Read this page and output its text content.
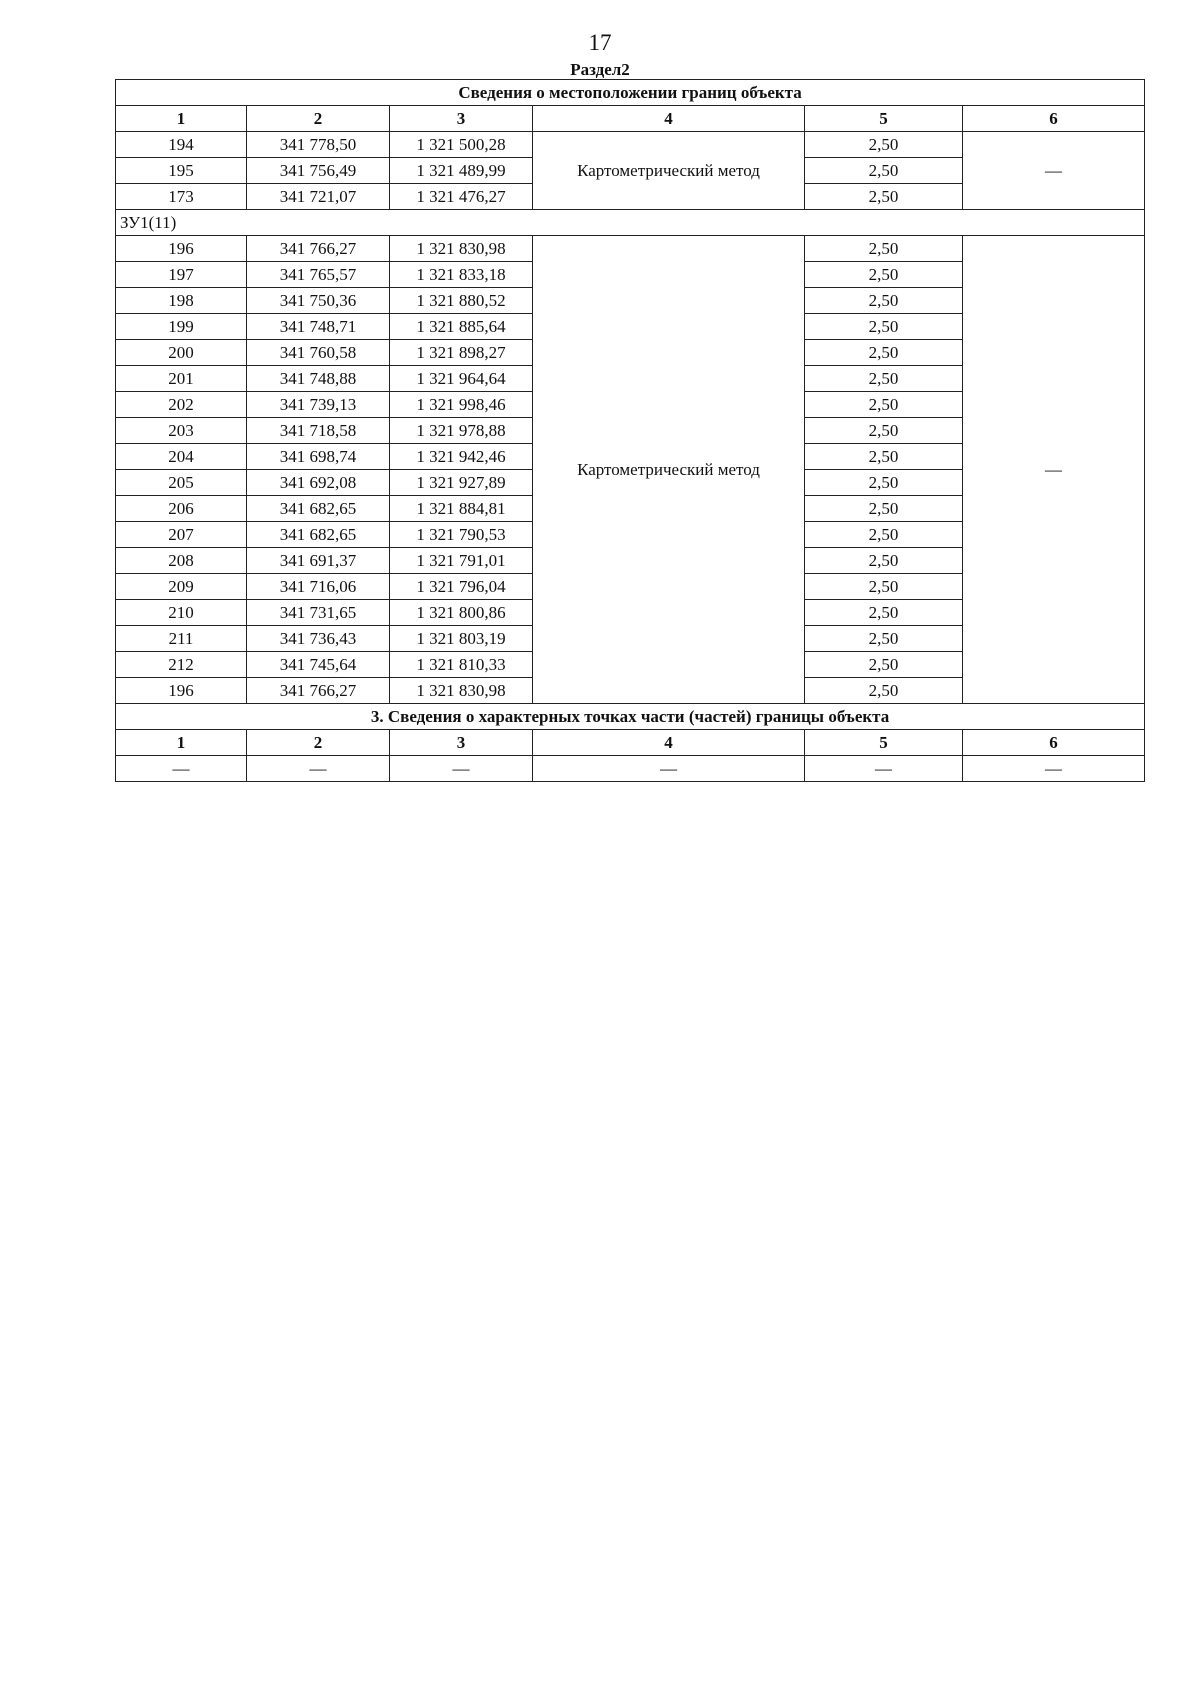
17
Раздел2
Сведения о местоположении границ объекта					
1	2	3	4	5	6
194	341 778,50	1 321 500,28	Картометрический метод	2,50	—
195	341 756,49	1 321 489,99		2,50	
173	341 721,07	1 321 476,27		2,50	
ЗУ1(11)					
196	341 766,27	1 321 830,98	Картометрический метод	2,50	—
197	341 765,57	1 321 833,18		2,50	
198	341 750,36	1 321 880,52		2,50	
199	341 748,71	1 321 885,64		2,50	
200	341 760,58	1 321 898,27		2,50	
201	341 748,88	1 321 964,64		2,50	
202	341 739,13	1 321 998,46		2,50	
203	341 718,58	1 321 978,88		2,50	
204	341 698,74	1 321 942,46		2,50	
205	341 692,08	1 321 927,89		2,50	
206	341 682,65	1 321 884,81		2,50	
207	341 682,65	1 321 790,53		2,50	
208	341 691,37	1 321 791,01		2,50	
209	341 716,06	1 321 796,04		2,50	
210	341 731,65	1 321 800,86		2,50	
211	341 736,43	1 321 803,19		2,50	
212	341 745,64	1 321 810,33		2,50	
196	341 766,27	1 321 830,98		2,50	
3. Сведения о характерных точках части (частей) границы объекта					
1	2	3	4	5	6
—	—	—	—	—	—
